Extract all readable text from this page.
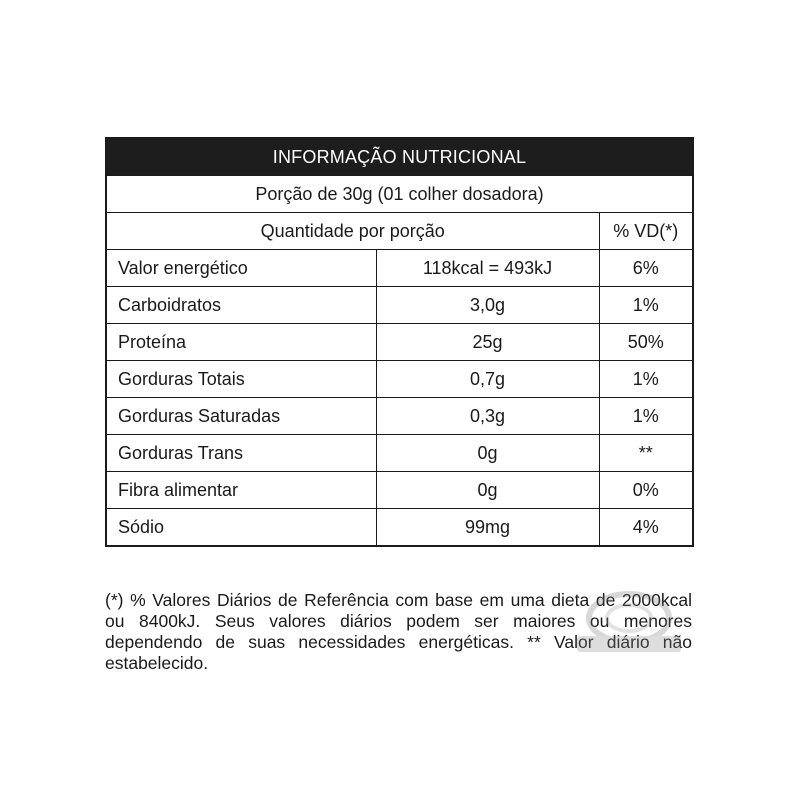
INFORMAÇÃO NUTRICIONAL		
Porção de 30g (01 colher dosadora)		
Quantidade por porção		% VD(*)
Valor energético	118kcal = 493kJ	6%
Carboidratos	3,0g	1%
Proteína	25g	50%
Gorduras Totais	0,7g	1%
Gorduras Saturadas	0,3g	1%
Gorduras Trans	0g	**
Fibra alimentar	0g	0%
Sódio	99mg	4%

(*) % Valores Diários de Referência com base em uma dieta de 2000kcal ou 8400kJ. Seus valores diários podem ser maiores ou menores dependendo de suas necessidades energéticas. ** Valor diário não estabelecido.
